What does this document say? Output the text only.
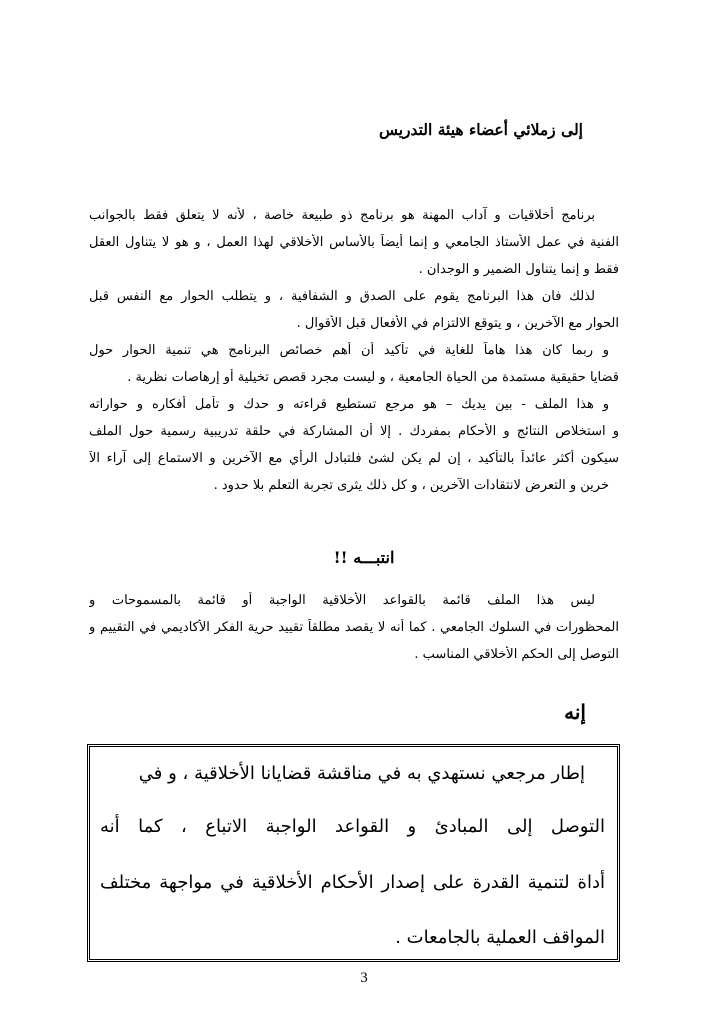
إلى زملائي أعضاء هيئة التدريس
برنامج أخلاقيات و آداب المهنة هو برنامج ذو طبيعة خاصة ، لأنه لا يتعلق فقط بالجوانب
الفنية في عمل الأستاذ الجامعي و إنما أيضاً بالأساس الأخلاقي لهذا العمل ، و هو لا يتناول العقل
فقط و إنما يتناول الضمير و الوجدان .
لذلك فان هذا البرنامج يقوم على الصدق و الشفافية ، و يتطلب الحوار مع النفس قبل
الحوار مع الآخرين ، و يتوقع الالتزام في الأفعال قبل الأقوال .
و ربما كان هذا هاماً للغاية في تأكيد أن أهم خصائص البرنامج هي تنمية الحوار حول
قضايا حقيقية مستمدة من الحياة الجامعية ، و ليست مجرد قصص تخيلية أو إرهاصات نظرية .
و هذا الملف - بين يديك – هو مرجع تستطيع قراءته و حدك و تأمل أفكاره و حواراته
و استخلاص النتائج و الأحكام بمفردك . إلا أن المشاركة في حلقة تدريبية رسمية حول الملف
سيكون أكثر عائداً بالتأكيد ، إن لم يكن لشئ فلتبادل الرأي مع الآخرين و الاستماع إلى آراء الآ
خرين و التعرض لانتقادات الآخرين ، و كل ذلك يثرى تجربة التعلم بلا حدود .
انتبـــه !!
ليس هذا الملف قائمة بالقواعد الأخلاقية الواجبة أو قائمة بالمسموحات و
المحظورات في السلوك الجامعي . كما أنه لا يقصد مطلقاً تقييد حرية الفكر الأكاديمي في التقييم و
التوصل إلى الحكم الأخلاقي المناسب .
إنه
إطار مرجعي نستهدي به في مناقشة قضايانا الأخلاقية ، و في
التوصل إلى المبادئ و القواعد الواجبة الاتباع ، كما أنه
أداة لتنمية القدرة على إصدار الأحكام الأخلاقية في مواجهة مختلف
المواقف العملية بالجامعات .
3
